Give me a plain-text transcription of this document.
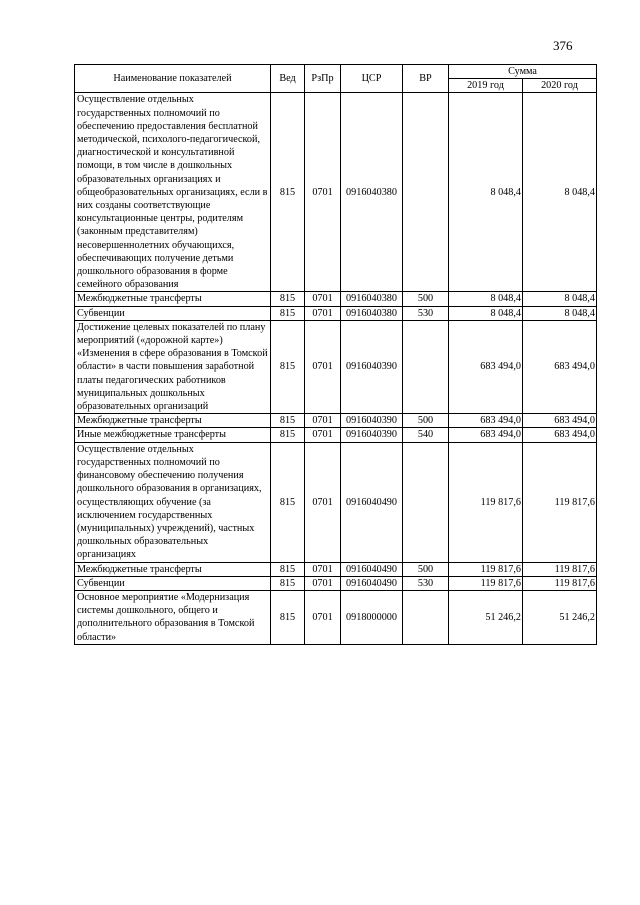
376
Наименование показателей	Вед	РзПр	ЦСР	ВР	Сумма	
					2019 год	2020 год
Осуществление отдельных государственных полномочий по обеспечению предоставления бесплатной методической, психолого-педагогической, диагностической и консультативной помощи, в том числе в дошкольных образовательных организациях и общеобразовательных организациях, если в них созданы соответствующие консультационные центры, родителям (законным представителям) несовершеннолетних обучающихся, обеспечивающих получение детьми дошкольного образования в форме семейного образования	815	0701	0916040380		8 048,4	8 048,4
Межбюджетные трансферты	815	0701	0916040380	500	8 048,4	8 048,4
Субвенции	815	0701	0916040380	530	8 048,4	8 048,4
Достижение целевых показателей по плану мероприятий («дорожной карте») «Изменения в сфере образования в Томской области» в части повышения заработной платы педагогических работников муниципальных дошкольных образовательных организаций	815	0701	0916040390		683 494,0	683 494,0
Межбюджетные трансферты	815	0701	0916040390	500	683 494,0	683 494,0
Иные межбюджетные трансферты	815	0701	0916040390	540	683 494,0	683 494,0
Осуществление отдельных государственных полномочий по финансовому обеспечению получения дошкольного образования в организациях, осуществляющих обучение (за исключением государственных (муниципальных) учреждений), частных дошкольных образовательных организациях	815	0701	0916040490		119 817,6	119 817,6
Межбюджетные трансферты	815	0701	0916040490	500	119 817,6	119 817,6
Субвенции	815	0701	0916040490	530	119 817,6	119 817,6
Основное мероприятие «Модернизация системы дошкольного, общего и дополнительного образования в Томской области»	815	0701	0918000000		51 246,2	51 246,2
